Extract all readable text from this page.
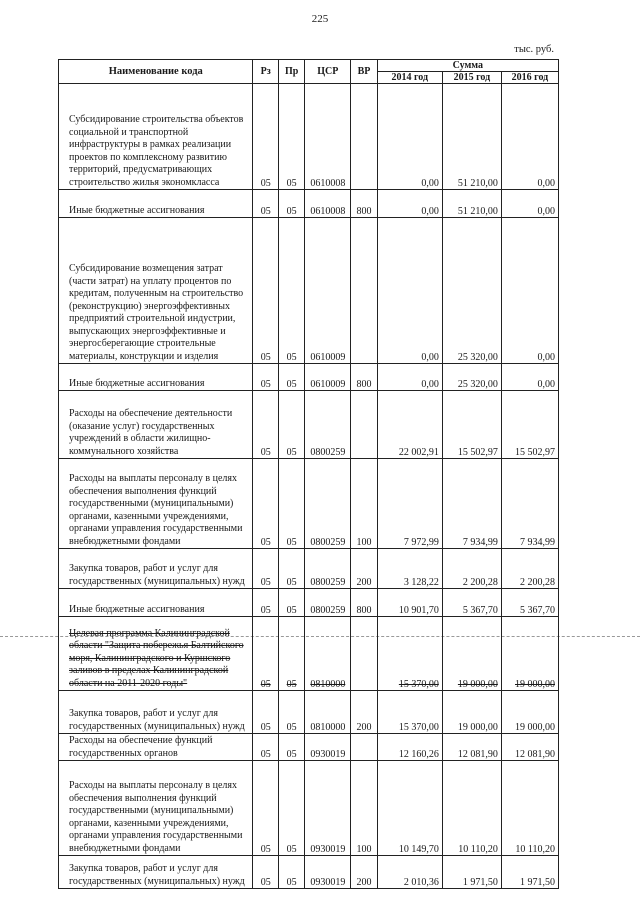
225
тыс. руб.
Наименование кода	Рз	Пр	ЦСР	ВР	Сумма		
					2014 год	2015 год	2016 год
Субсидирование строительства объектов социальной и транспортной инфраструктуры в рамках реализации проектов по комплексному развитию территорий, предусматривающих строительство жилья экономкласса	05	05	0610008		0,00	51 210,00	0,00
Иные бюджетные ассигнования	05	05	0610008	800	0,00	51 210,00	0,00
Субсидирование возмещения затрат (части затрат) на уплату процентов по кредитам, полученным на строительство (реконструкцию) энергоэффективных предприятий строительной индустрии, выпускающих энергоэффективные и энергосберегающие строительные материалы, конструкции и изделия	05	05	0610009		0,00	25 320,00	0,00
Иные бюджетные ассигнования	05	05	0610009	800	0,00	25 320,00	0,00
Расходы на обеспечение деятельности (оказание услуг) государственных учреждений в области жилищно-коммунального хозяйства	05	05	0800259		22 002,91	15 502,97	15 502,97
Расходы на выплаты персоналу в целях обеспечения выполнения функций государственными (муниципальными) органами, казенными учреждениями, органами управления государственными внебюджетными фондами	05	05	0800259	100	7 972,99	7 934,99	7 934,99
Закупка товаров, работ и услуг для государственных (муниципальных) нужд	05	05	0800259	200	3 128,22	2 200,28	2 200,28
Иные бюджетные ассигнования	05	05	0800259	800	10 901,70	5 367,70	5 367,70
Целевая программа Калининградской области "Защита побережья Балтийского моря, Калининградского и Куршского заливов в пределах Калининградской области на 2011-2020 годы"	05	05	0810000		15 370,00	19 000,00	19 000,00
Закупка товаров, работ и услуг для государственных (муниципальных) нужд	05	05	0810000	200	15 370,00	19 000,00	19 000,00
Расходы на обеспечение функций государственных органов	05	05	0930019		12 160,26	12 081,90	12 081,90
Расходы на выплаты персоналу в целях обеспечения выполнения функций государственными (муниципальными) органами, казенными учреждениями, органами управления государственными внебюджетными фондами	05	05	0930019	100	10 149,70	10 110,20	10 110,20
Закупка товаров, работ и услуг для государственных (муниципальных) нужд	05	05	0930019	200	2 010,36	1 971,50	1 971,50
